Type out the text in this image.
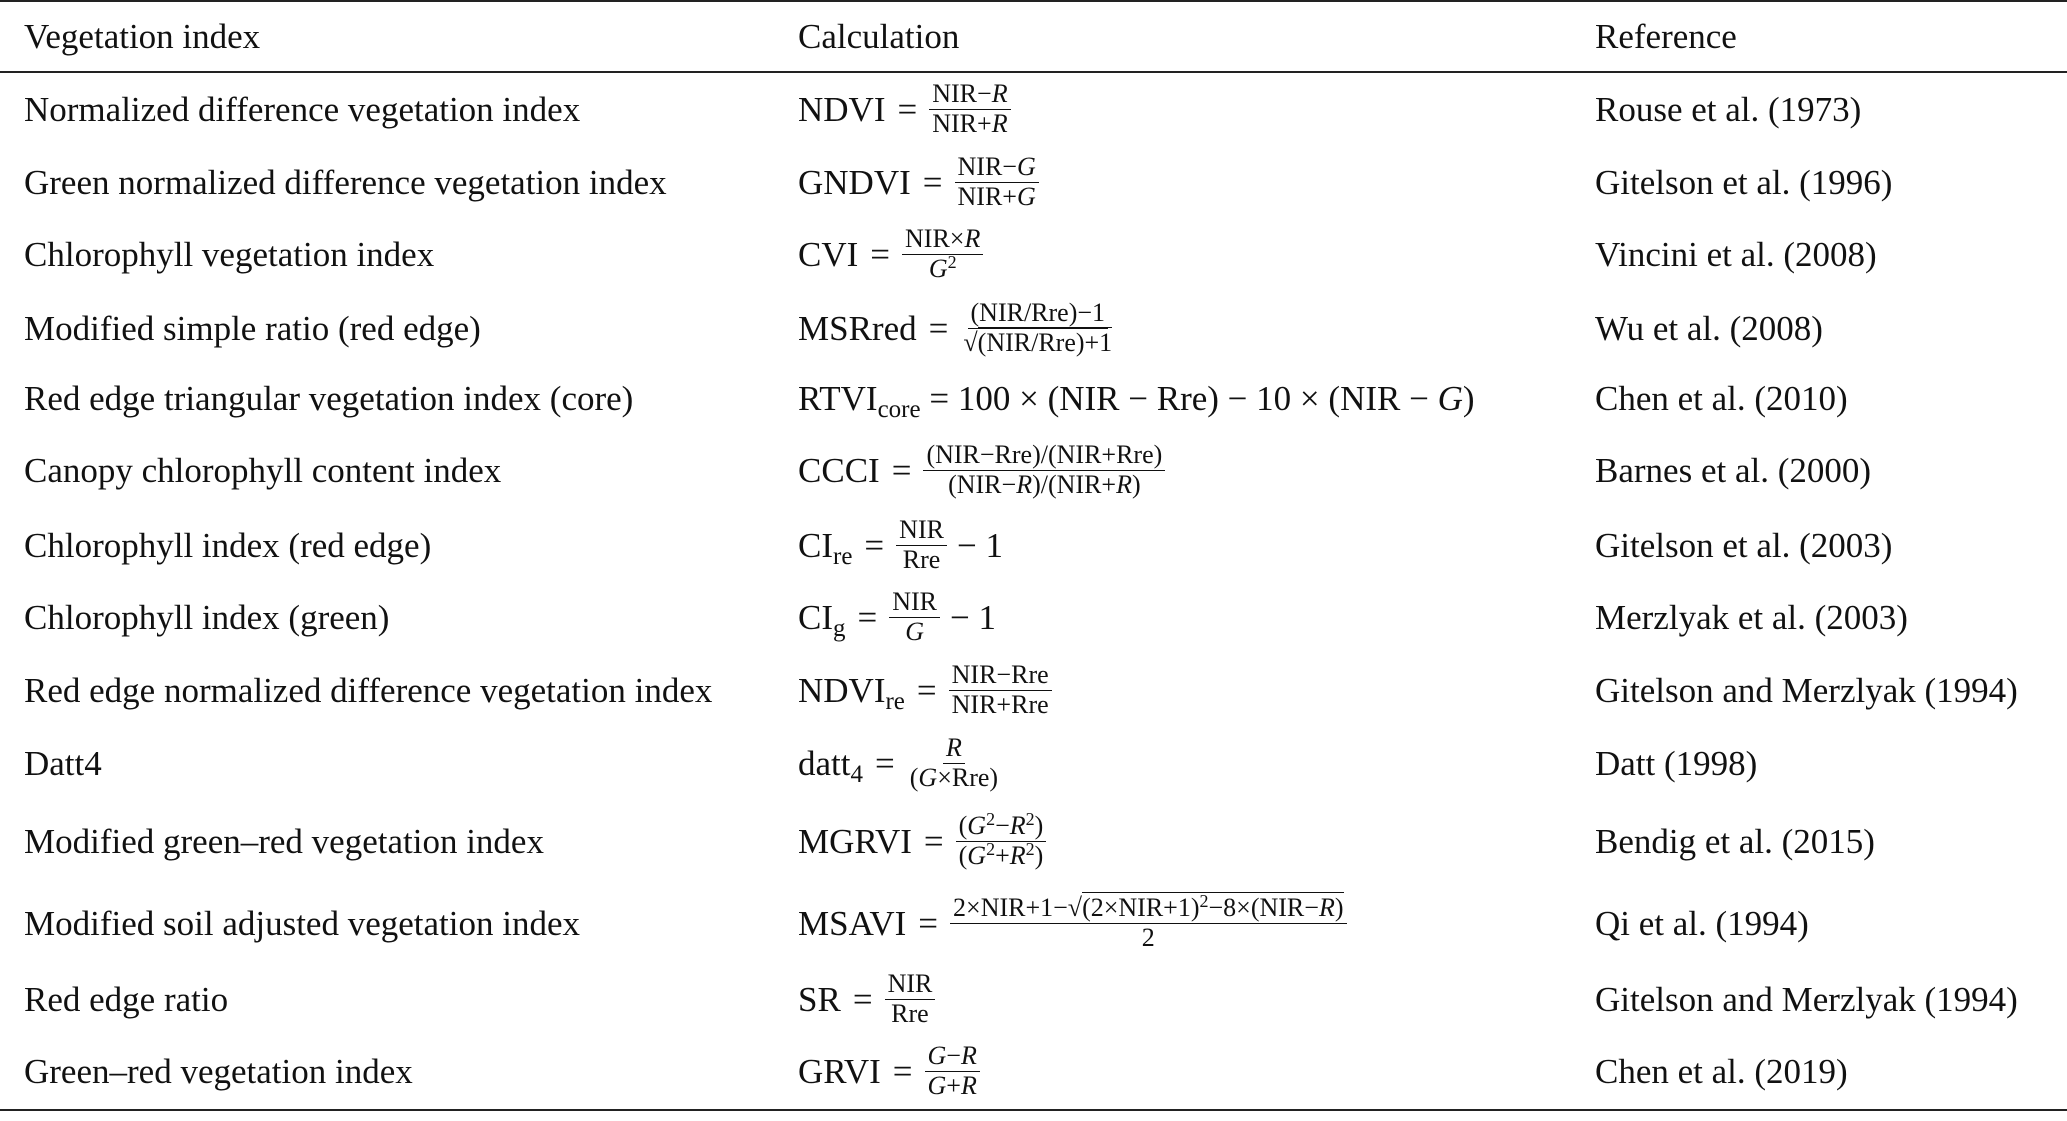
Vegetation index	Calculation	Reference
Normalized difference vegetation index	NDVI = $\frac{\text{NIR−R}}{\text{NIR+R}}$	Rouse et al. (1973)
Green normalized difference vegetation index	GNDVI = $\frac{\text{NIR−G}}{\text{NIR+G}}$	Gitelson et al. (1996)
Chlorophyll vegetation index	CVI = $\frac{\text{NIR×R}}{G^2}$	Vincini et al. (2008)
Modified simple ratio (red edge)	MSRred = $\frac{\text{(NIR/Rre)−1}}{\text{√(NIR/Rre)+1}}$	Wu et al. (2008)
Red edge triangular vegetation index (core)	$RTVI_{core} = 100 \times (NIR - Rre) - 10 \times (NIR - G)$	Chen et al. (2010)
Canopy chlorophyll content index	CCCI = $\frac{\text{(NIR−Rre)/(NIR+Rre)}}{\text{(NIR−R)/(NIR+R)}}$	Barnes et al. (2000)
Chlorophyll index (red edge)	$CI_{re} = \frac{\text{NIR}}{\text{Rre}} - 1$	Gitelson et al. (2003)
Chlorophyll index (green)	$CI_g = \frac{\text{NIR}}{G} - 1$	Merzlyak et al. (2003)
Red edge normalized difference vegetation index	$NDVI_{re} = \frac{\text{NIR−Rre}}{\text{NIR+Rre}}$	Gitelson and Merzlyak (1994)
Datt4	datt$_4$ = $\frac{R}{\text{(G×Rre)}}$	Datt (1998)
Modified green–red vegetation index	MGRVI = $\frac{(G^2-R^2)}{(G^2+R^2)}$	Bendig et al. (2015)
Modified soil adjusted vegetation index	MSAVI = $\frac{2\times NIR+1-√(2\times NIR+1)^2-8\times(NIR-R)}{2}$	Qi et al. (1994)
Red edge ratio	SR = $\frac{\text{NIR}}{\text{Rre}}$	Gitelson and Merzlyak (1994)
Green–red vegetation index	GRVI = $\frac{G-R}{G+R}$	Chen et al. (2019)
